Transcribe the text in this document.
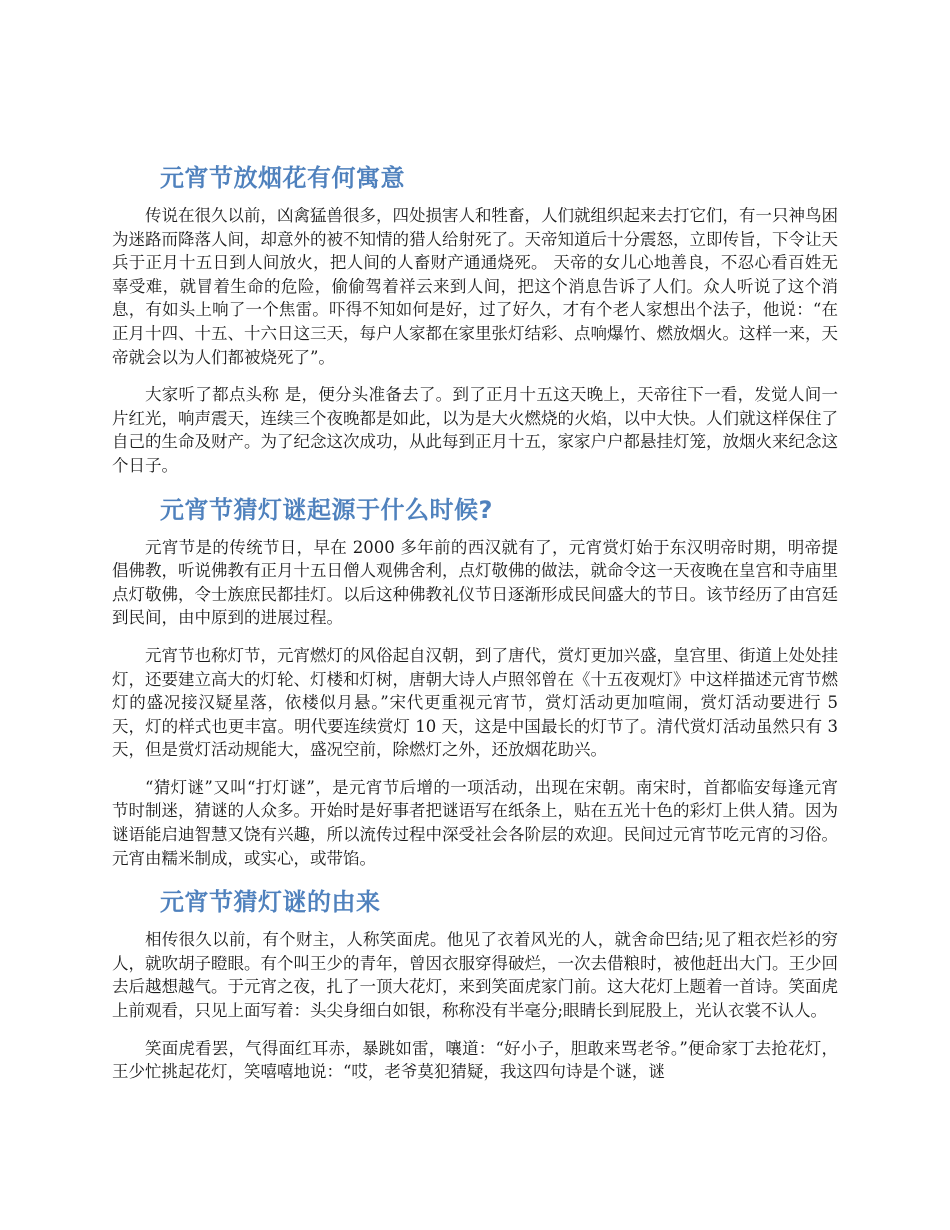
元宵节放烟花有何寓意

传说在很久以前，凶禽猛兽很多，四处损害人和牲畜，人们就组织起来去打它们，有一只神鸟困为迷路而降落人间，却意外的被不知情的猎人给射死了。天帝知道后十分震怒，立即传旨，下令让天兵于正月十五日到人间放火，把人间的人畜财产通通烧死。 天帝的女儿心地善良，不忍心看百姓无辜受难，就冒着生命的危险，偷偷驾着祥云来到人间，把这个消息告诉了人们。众人听说了这个消息，有如头上响了一个焦雷。吓得不知如何是好，过了好久，才有个老人家想出个法子，他说：“在正月十四、十五、十六日这三天，每户人家都在家里张灯结彩、点响爆竹、燃放烟火。这样一来，天帝就会以为人们都被烧死了”。

大家听了都点头称 是，便分头准备去了。到了正月十五这天晚上，天帝往下一看，发觉人间一片红光，响声震天，连续三个夜晚都是如此，以为是大火燃烧的火焰，以中大快。人们就这样保住了自己的生命及财产。为了纪念这次成功，从此每到正月十五，家家户户都悬挂灯笼，放烟火来纪念这个日子。

元宵节猜灯谜起源于什么时候?

元宵节是的传统节日，早在 2000 多年前的西汉就有了，元宵赏灯始于东汉明帝时期，明帝提倡佛教，听说佛教有正月十五日僧人观佛舍利，点灯敬佛的做法，就命令这一天夜晚在皇宫和寺庙里点灯敬佛，令士族庶民都挂灯。以后这种佛教礼仪节日逐渐形成民间盛大的节日。该节经历了由宫廷到民间，由中原到的进展过程。

元宵节也称灯节，元宵燃灯的风俗起自汉朝，到了唐代，赏灯更加兴盛，皇宫里、街道上处处挂灯，还要建立高大的灯轮、灯楼和灯树，唐朝大诗人卢照邻曾在《十五夜观灯》中这样描述元宵节燃灯的盛况接汉疑星落，依楼似月悬。”宋代更重视元宵节，赏灯活动更加喧闹，赏灯活动要进行 5 天，灯的样式也更丰富。明代要连续赏灯 10 天，这是中国最长的灯节了。清代赏灯活动虽然只有 3 天，但是赏灯活动规能大，盛况空前，除燃灯之外，还放烟花助兴。

“猜灯谜”又叫“打灯谜”，是元宵节后增的一项活动，出现在宋朝。南宋时，首都临安每逢元宵节时制迷，猜谜的人众多。开始时是好事者把谜语写在纸条上，贴在五光十色的彩灯上供人猜。因为谜语能启迪智慧又饶有兴趣，所以流传过程中深受社会各阶层的欢迎。民间过元宵节吃元宵的习俗。元宵由糯米制成，或实心，或带馅。

元宵节猜灯谜的由来

相传很久以前，有个财主，人称笑面虎。他见了衣着风光的人，就舍命巴结;见了粗衣烂衫的穷人，就吹胡子瞪眼。有个叫王少的青年，曾因衣服穿得破烂，一次去借粮时，被他赶出大门。王少回去后越想越气。于元宵之夜，扎了一顶大花灯，来到笑面虎家门前。这大花灯上题着一首诗。笑面虎上前观看，只见上面写着：头尖身细白如银，称称没有半毫分;眼睛长到屁股上，光认衣裳不认人。

笑面虎看罢，气得面红耳赤，暴跳如雷，嚷道：“好小子，胆敢来骂老爷。”便命家丁去抢花灯，王少忙挑起花灯，笑嘻嘻地说：“哎，老爷莫犯猜疑，我这四句诗是个谜，谜
